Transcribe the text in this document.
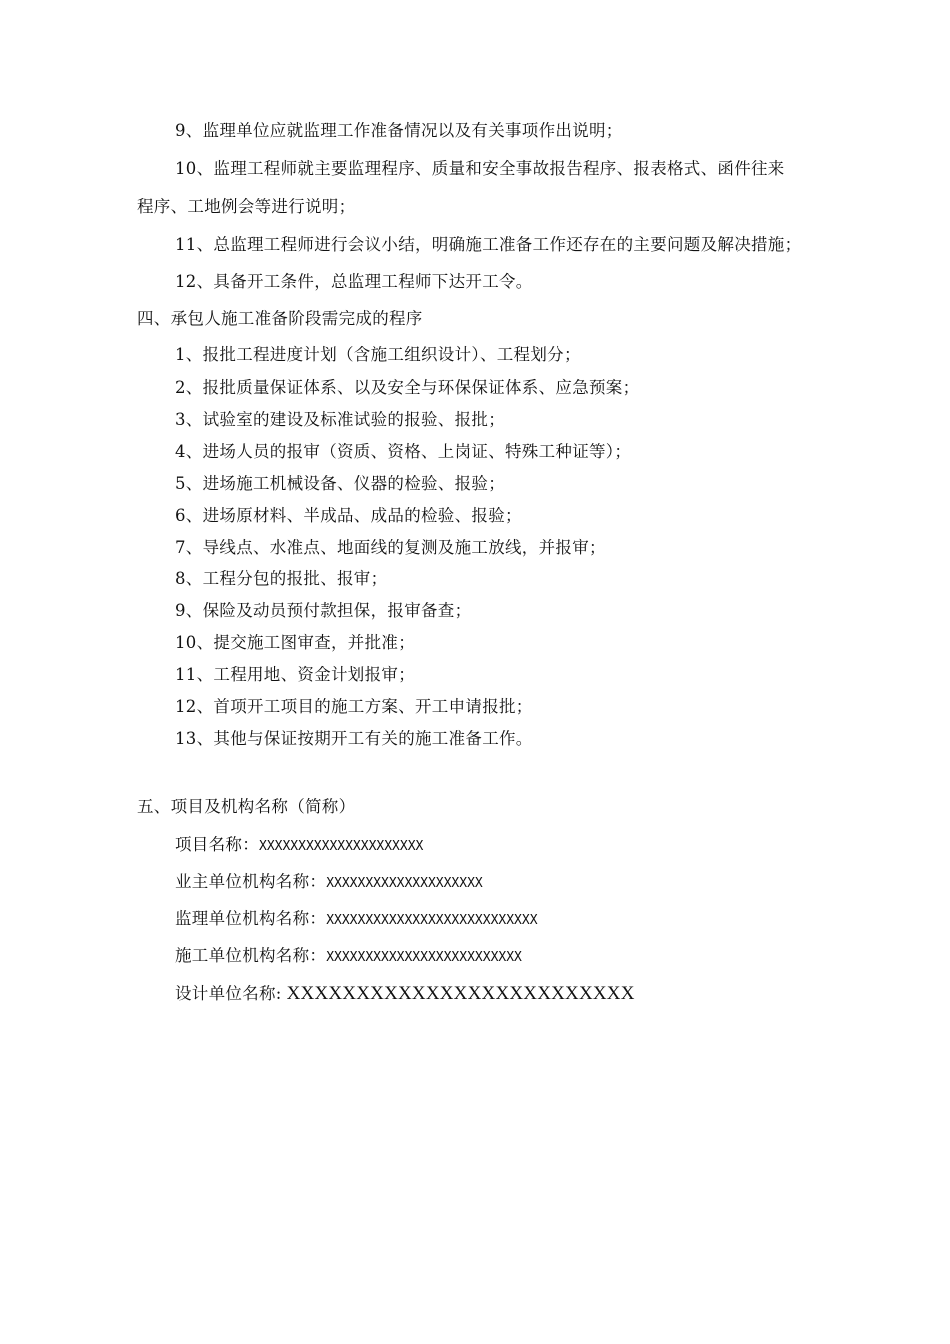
9、监理单位应就监理工作准备情况以及有关事项作出说明；
10、监理工程师就主要监理程序、质量和安全事故报告程序、报表格式、函件往来
程序、工地例会等进行说明；
11、总监理工程师进行会议小结，明确施工准备工作还存在的主要问题及解决措施；
12、具备开工条件，总监理工程师下达开工令。
四、承包人施工准备阶段需完成的程序
1、报批工程进度计划（含施工组织设计）、工程划分；
2、报批质量保证体系、以及安全与环保保证体系、应急预案；
3、试验室的建设及标准试验的报验、报批；
4、进场人员的报审（资质、资格、上岗证、特殊工种证等）；
5、进场施工机械设备、仪器的检验、报验；
6、进场原材料、半成品、成品的检验、报验；
7、导线点、水准点、地面线的复测及施工放线，并报审；
8、工程分包的报批、报审；
9、保险及动员预付款担保，报审备查；
10、提交施工图审查，并批准；
11、工程用地、资金计划报审；
12、首项开工项目的施工方案、开工申请报批；
13、其他与保证按期开工有关的施工准备工作。
五、项目及机构名称（简称）
项目名称：XXXXXXXXXXXXXXXXXXXXX
业主单位机构名称：XXXXXXXXXXXXXXXXXXXX
监理单位机构名称：XXXXXXXXXXXXXXXXXXXXXXXXXXX
施工单位机构名称：XXXXXXXXXXXXXXXXXXXXXXXXX
设计单位名称: XXXXXXXXXXXXXXXXXXXXXXXXX
